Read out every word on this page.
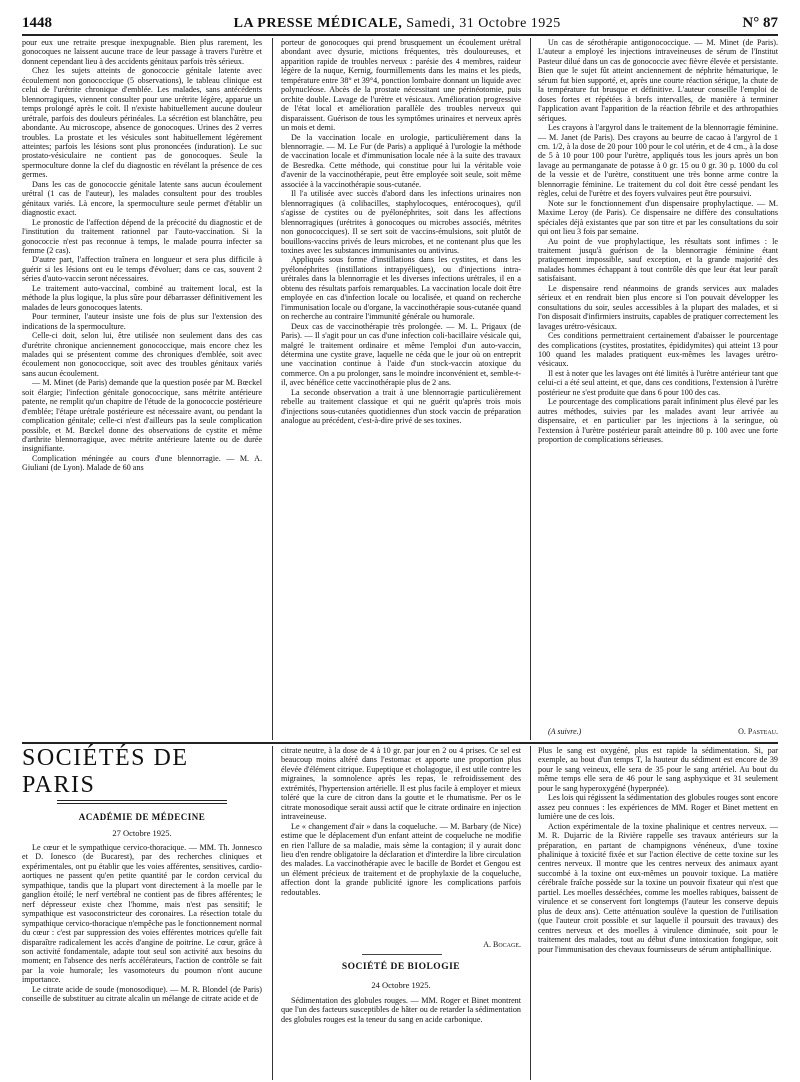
1448	LA PRESSE MÉDICALE, Samedi, 31 Octobre 1925	N° 87

pour eux une retraite presque inexpugnable. Bien plus rarement, les gonocoques ne laissent aucune trace de leur passage à travers l'urètre et donnent cependant lieu à des accidents génitaux parfois très sérieux.

Chez les sujets atteints de gonococcie génitale latente avec écoulement non gonococcique (5 observations), le tableau clinique est celui de l'urétrite chronique d'emblée. Les malades, sans antécédents blennorragiques, viennent consulter pour une urétrite légère, apparue un temps prolongé après le coït. Il n'existe habituellement aucune douleur urétrale, parfois des douleurs périnéales. La sécrétion est blanchâtre, peu abondante. Au microscope, absence de gonocoques. Urines des 2 verres troubles. La prostate et les vésicules sont habituellement légèrement atteintes; parfois les lésions sont plus prononcées (induration). Le suc prostato-vésiculaire ne contient pas de gonocoques. Seule la spermoculture donne la clef du diagnostic en révélant la présence de ces germes.

Dans les cas de gonococcie génitale latente sans aucun écoulement urétral (1 cas de l'auteur), les malades consultent pour des troubles génitaux variés. Là encore, la spermoculture seule permet d'établir un diagnostic exact.

Le pronostic de l'affection dépend de la précocité du diagnostic et de l'institution du traitement rationnel par l'auto-vaccination. Si la gonococcie n'est pas reconnue à temps, le malade pourra infecter sa femme (2 cas).

D'autre part, l'affection traînera en longueur et sera plus difficile à guérir si les lésions ont eu le temps d'évoluer; dans ce cas, souvent 2 séries d'auto-vaccin seront nécessaires.

Le traitement auto-vaccinal, combiné au traitement local, est la méthode la plus logique, la plus sûre pour débarrasser définitivement les malades de leurs gonocoques latents.

Pour terminer, l'auteur insiste une fois de plus sur l'extension des indications de la spermoculture.

Celle-ci doit, selon lui, être utilisée non seulement dans des cas d'urétrite chronique anciennement gonococcique, mais encore chez les malades qui se présentent comme des chroniques d'emblée, soit avec écoulement non gonococcique, soit avec des troubles génitaux variés sans aucun écoulement.

— M. Minet (de Paris) demande que la question posée par M. Bœckel soit élargie; l'infection génitale gonococcique, sans métrite antérieure patente, ne remplit qu'un chapitre de l'étude de la gonococcie postérieure d'emblée; l'étape urétrale postérieure est nécessaire avant, ou pendant la complication génitale; celle-ci n'est d'ailleurs pas la seule complication possible, et M. Bœckel donne des observations de cystite et même d'arthrite blennorragique, avec métrite antérieure latente ou de durée insignifiante.

Complication méningée au cours d'une blennorragie. — M. A. Giuliani (de Lyon). Malade de 60 ans

porteur de gonocoques qui prend brusquement un écoulement urétral abondant avec dysurie, mictions fréquentes, très douloureuses, et apparition rapide de troubles nerveux : parésie des 4 membres, raideur légère de la nuque, Kernig, fourmillements dans les mains et les pieds, température entre 38° et 39°4, ponction lombaire donnant un liquide avec polynucléose. Abcès de la prostate nécessitant une périnéotomie, puis orchite double. Lavage de l'urètre et vésicaux. Amélioration progressive de l'état local et amélioration parallèle des troubles nerveux qui disparaissent. Guérison de tous les symptômes urinaires et nerveux après un mois et demi.

De la vaccination locale en urologie, particulièrement dans la blennorragie. — M. Le Fur (de Paris) a appliqué à l'urologie la méthode de vaccination locale et d'immunisation locale née à la suite des travaux de Besredka. Cette méthode, qui constitue pour lui la véritable voie d'avenir de la vaccinothérapie, peut être employée soit seule, soit même associée à la vaccinothérapie sous-cutanée.

Il l'a utilisée avec succès d'abord dans les infections urinaires non blennorragiques (à colibacilles, staphylocoques, entérocoques), qu'il s'agisse de cystites ou de pyélonéphrites, soit dans les affections blennorragiques (urétrites à gonocoques ou microbes associés, métrites non gonococciques). Il se sert soit de vaccins-émulsions, soit plutôt de bouillons-vaccins privés de leurs microbes, et ne contenant plus que les toxines avec les substances immunisantes ou antivirus.

Appliqués sous forme d'instillations dans les cystites, et dans les pyélonéphrites (instillations intrapyéliques), ou d'injections intra-urétrales dans la blennorragie et les diverses infections urétrales, il en a obtenu des résultats parfois remarquables. La vaccination locale doit être employée en cas d'infection locale ou localisée, et quand on recherche l'immunisation locale ou d'organe, la vaccinothérapie sous-cutanée quand on recherche au contraire l'immunité générale ou humorale.

Deux cas de vaccinothérapie très prolongée. — M. L. Prigaux (de Paris). — Il s'agit pour un cas d'une infection coli-bacillaire vésicale qui, malgré le traitement ordinaire et même l'emploi d'un auto-vaccin, détermina une cystite grave, laquelle ne céda que le jour où on entreprit une vaccination continue à l'aide d'un stock-vaccin atoxique du commerce. On a pu prolonger, sans le moindre inconvénient et, semble-t-il, avec bénéfice cette vaccinothérapie plus de 2 ans.

La seconde observation a trait à une blennorragie particulièrement rebelle au traitement classique et qui ne guérit qu'après trois mois d'injections sous-cutanées quotidiennes d'un stock vaccin de préparation analogue au précédent, c'est-à-dire privé de ses toxines.

Un cas de sérothérapie antigonococcique. — M. Minet (de Paris). L'auteur a employé les injections intraveineuses de sérum de l'Institut Pasteur dilué dans un cas de gonococcie avec fièvre élevée et persistante. Bien que le sujet fût atteint anciennement de néphrite hématurique, le sérum fut bien supporté, et, après une courte réaction sérique, la chute de la température fut brusque et définitive. L'auteur conseille l'emploi de doses fortes et répétées à brefs intervalles, de manière à terminer l'application avant l'apparition de la réaction fébrile et des arthropathies sériques.

Les crayons à l'argyrol dans le traitement de la blennorragie féminine. — M. Janet (de Paris). Des crayons au beurre de cacao à l'argyrol de 1 cm. 1/2, à la dose de 20 pour 100 pour le col utérin, et de 4 cm., à la dose de 5 à 10 pour 100 pour l'urètre, appliqués tous les jours après un bon lavage au permanganate de potasse à 0 gr. 15 ou 0 gr. 30 p. 1000 du col de la vessie et de l'urètre, constituent une très bonne arme contre la blennorragie féminine. Le traitement du col doit être cessé pendant les règles, celui de l'urètre et des foyers vulvaires peut être poursuivi.

Note sur le fonctionnement d'un dispensaire prophylactique. — M. Maxime Leroy (de Paris). Ce dispensaire ne diffère des consultations spéciales déjà existantes que par son titre et par les consultations du soir qui ont lieu 3 fois par semaine.

Au point de vue prophylactique, les résultats sont infimes : le traitement jusqu'à guérison de la blennorragie féminine étant pratiquement impossible, sauf exception, et la grande majorité des malades hommes échappant à tout contrôle dès que leur état leur paraît satisfaisant.

Le dispensaire rend néanmoins de grands services aux malades sérieux et en rendrait bien plus encore si l'on pouvait développer les consultations du soir, seules accessibles à la plupart des malades, et si l'on disposait d'infirmiers instruits, capables de pratiquer correctement les lavages urétro-vésicaux.

Ces conditions permettraient certainement d'abaisser le pourcentage des complications (cystites, prostatites, épididymites) qui atteint 13 pour 100 quand les malades pratiquent eux-mêmes les lavages urétro-vésicaux.

Il est à noter que les lavages ont été limités à l'urètre antérieur tant que celui-ci a été seul atteint, et que, dans ces conditions, l'extension à l'urètre postérieur ne s'est produite que dans 6 pour 100 des cas.

Le pourcentage des complications paraît infiniment plus élevé par les autres méthodes, suivies par les malades avant leur arrivée au dispensaire, et en particulier par les injections à la seringue, où l'extension à l'urètre postérieur paraît atteindre 80 p. 100 avec une forte proportion de complications sérieuses.

(A suivre.)	O. Pasteau.
SOCIÉTÉS DE PARIS
ACADÉMIE DE MÉDECINE
27 Octobre 1925.

Le cœur et le sympathique cervico-thoracique. — MM. Th. Jonnesco et D. Ionesco (de Bucarest), par des recherches cliniques et expérimentales, ont pu établir que les voies afférentes, sensitives, cardio-aortiques ne passent qu'en petite quantité par le cordon cervical du sympathique, tandis que la plupart vont directement à la moelle par le ganglion étoilé; le nerf vertébral ne contient pas de fibres afférentes; le nerf dépresseur existe chez l'homme, mais n'est pas sensitif; le sympathique est vasoconstricteur des coronaires. La résection totale du sympathique cervico-thoracique n'empêche pas le fonctionnement normal du cœur : c'est par suppression des voies efférentes motrices qu'elle fait disparaître radicalement les accès d'angine de poitrine. Le cœur, grâce à son activité fondamentale, adapte tout seul son activité aux besoins du moment; en l'absence des nerfs accélérateurs, l'action de contrôle se fait par la voie humorale; les vasomoteurs du poumon n'ont aucune importance.

Le citrate acide de soude (monosodique). — M. R. Blondel (de Paris) conseille de substituer au citrate alcalin un mélange de citrate acide et de

citrate neutre, à la dose de 4 à 10 gr. par jour en 2 ou 4 prises. Ce sel est beaucoup moins altéré dans l'estomac et apporte une proportion plus élevée d'élément citrique. Eupeptique et cholagogue, il est utile contre les migraines, la somnolence après les repas, le refroidissement des extrémités, l'hypertension artérielle. Il est plus facile à employer et mieux toléré que la cure de citron dans la goutte et le rhumatisme. Per os le citrate monosodique serait aussi actif que le citrate ordinaire en injection intraveineuse.

Le « changement d'air » dans la coqueluche. — M. Barbary (de Nice) estime que le déplacement d'un enfant atteint de coqueluche ne modifie en rien l'allure de sa maladie, mais sème la contagion; il y aurait donc lieu d'en rendre obligatoire la déclaration et d'interdire la libre circulation des malades. La vaccinothérapie avec le bacille de Bordet et Gengou est un élément précieux de traitement et de prophylaxie de la coqueluche, affection dont la grande publicité ignore les complications parfois redoutables.

A. Bocage.
SOCIÉTÉ DE BIOLOGIE
24 Octobre 1925.

Sédimentation des globules rouges. — MM. Roger et Binet montrent que l'un des facteurs susceptibles de hâter ou de retarder la sédimentation des globules rouges est la teneur du sang en acide carbonique.

Plus le sang est oxygéné, plus est rapide la sédimentation. Si, par exemple, au bout d'un temps T, la hauteur du sédiment est encore de 39 pour le sang veineux, elle sera de 35 pour le sang artériel. Au bout du même temps elle sera de 46 pour le sang asphyxique et 31 seulement pour le sang hyperoxygéné (hyperpnée).

Les lois qui régissent la sédimentation des globules rouges sont encore assez peu connues : les expériences de MM. Roger et Binet mettent en lumière une de ces lois.

Action expérimentale de la toxine phalinique et centres nerveux. — M. R. Dujarric de la Rivière rappelle ses travaux antérieurs sur la préparation, en partant de champignons vénéneux, d'une toxine phalinique à toxicité fixée et sur l'action élective de cette toxine sur les centres nerveux. Il montre que les centres nerveux des animaux ayant succombé à la toxine ont eux-mêmes un pouvoir toxique. La matière cérébrale fraîche possède sur la toxine un pouvoir fixateur qui n'est que partiel. Les moelles desséchées, comme les moelles rabiques, baissent de virulence et se conservent fort longtemps (l'auteur les conserve depuis plus de deux ans). Cette atténuation soulève la question de l'utilisation (que l'auteur croit possible et sur laquelle il poursuit des travaux) des centres nerveux et des moelles à virulence diminuée, soit pour le traitement des malades, tout au début d'une intoxication fongique, soit pour l'immunisation des chevaux fournisseurs de sérum antiphallinique.
